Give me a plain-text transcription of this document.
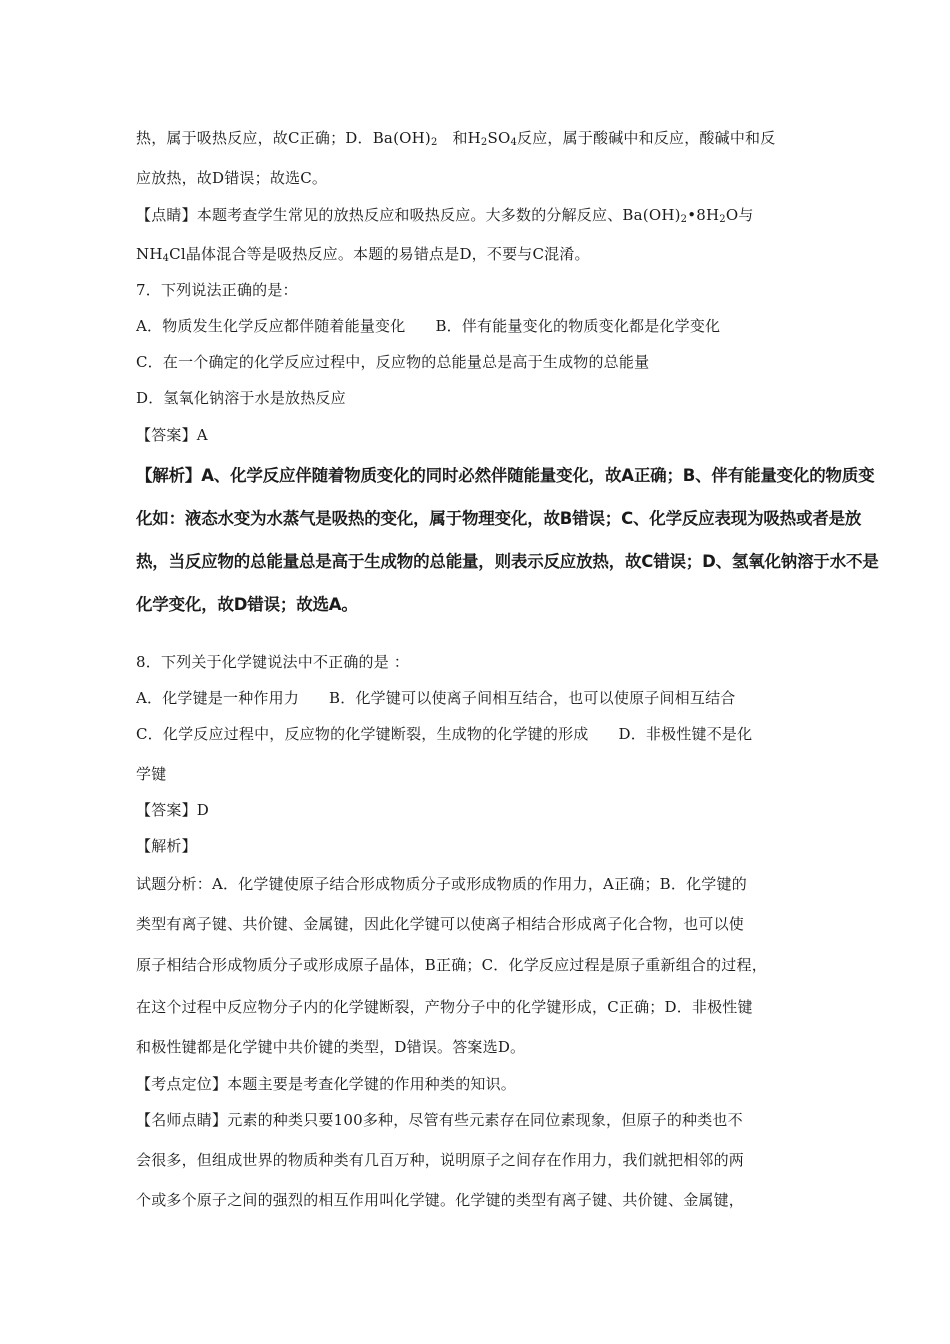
热，属于吸热反应，故C正确；D．$Ba(OH)_2$ 和$H_2SO_4$反应，属于酸碱中和反应，酸碱中和反
应放热，故D错误；故选C。
【点睛】本题考查学生常见的放热反应和吸热反应。大多数的分解反应、$Ba(OH)_2•8H_2O$与
$NH_4Cl$晶体混合等是吸热反应。本题的易错点是D，不要与C混淆。
7．下列说法正确的是：
A．物质发生化学反应都伴随着能量变化 B．伴有能量变化的物质变化都是化学变化
C．在一个确定的化学反应过程中，反应物的总能量总是高于生成物的总能量
D．氢氧化钠溶于水是放热反应
【答案】A
【解析】A、化学反应伴随着物质变化的同时必然伴随能量变化，故A正确；B、伴有能量变化的物质变
化如：液态水变为水蒸气是吸热的变化，属于物理变化，故B错误；C、化学反应表现为吸热或者是放
热，当反应物的总能量总是高于生成物的总能量，则表示反应放热，故C错误；D、氢氧化钠溶于水不是
化学变化，故D错误；故选A。
8．下列关于化学键说法中不正确的是 ：
A．化学键是一种作用力 B．化学键可以使离子间相互结合，也可以使原子间相互结合
C．化学反应过程中，反应物的化学键断裂，生成物的化学键的形成 D．非极性键不是化
学键
【答案】D
【解析】
试题分析：A．化学键使原子结合形成物质分子或形成物质的作用力，A正确；B．化学键的
类型有离子键、共价键、金属键，因此化学键可以使离子相结合形成离子化合物，也可以使
原子相结合形成物质分子或形成原子晶体，B正确；C．化学反应过程是原子重新组合的过程，
在这个过程中反应物分子内的化学键断裂，产物分子中的化学键形成，C正确；D．非极性键
和极性键都是化学键中共价键的类型，D错误。答案选D。
【考点定位】本题主要是考查化学键的作用种类的知识。
【名师点睛】元素的种类只要100多种，尽管有些元素存在同位素现象，但原子的种类也不
会很多，但组成世界的物质种类有几百万种，说明原子之间存在作用力，我们就把相邻的两
个或多个原子之间的强烈的相互作用叫化学键。化学键的类型有离子键、共价键、金属键，
